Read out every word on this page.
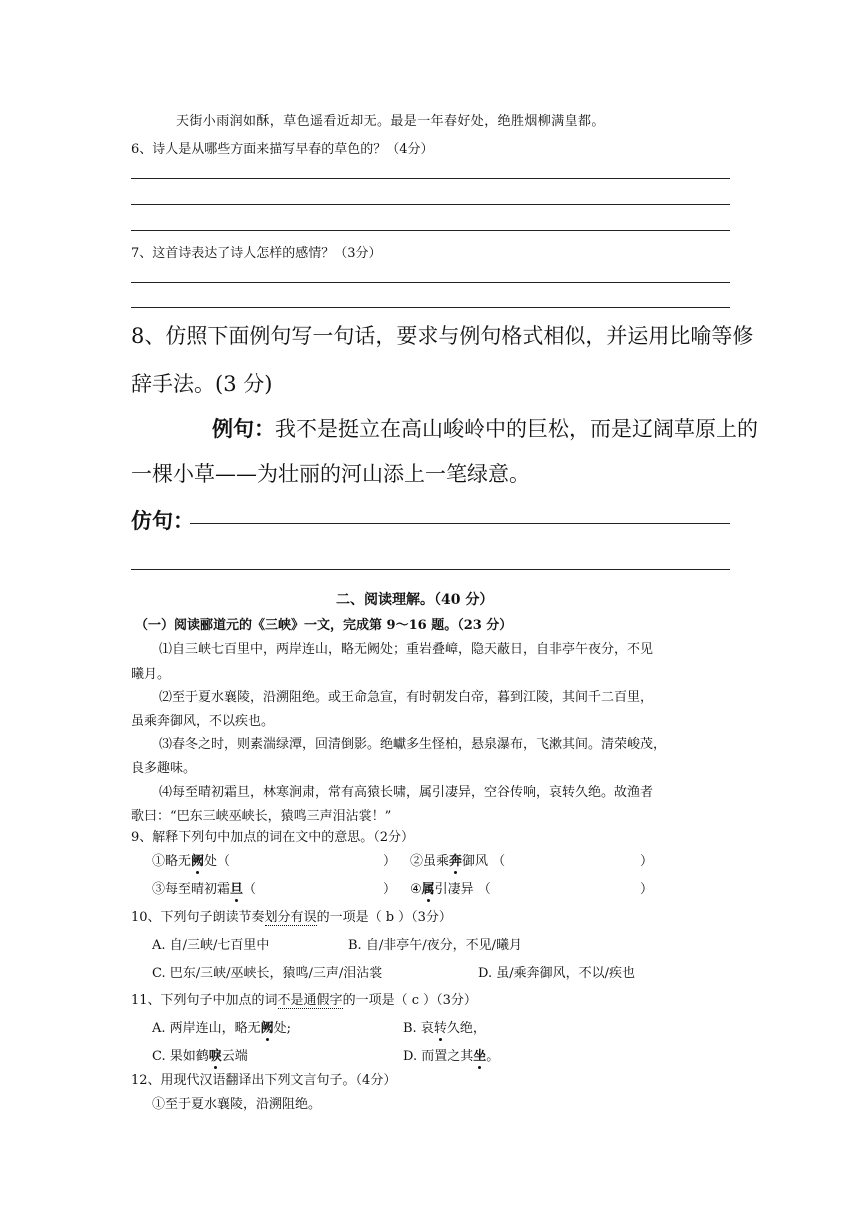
天街小雨润如酥，草色遥看近却无。最是一年春好处，绝胜烟柳满皇都。
6、诗人是从哪些方面来描写早春的草色的？（4分）
7、这首诗表达了诗人怎样的感情？（3分）
8、仿照下面例句写一句话，要求与例句格式相似，并运用比喻等修
辞手法。(3 分)
例句：我不是挺立在高山峻岭中的巨松，而是辽阔草原上的
一棵小草——为壮丽的河山添上一笔绿意。
仿句：
二、阅读理解。（40 分）
（一）阅读郦道元的《三峡》一文，完成第 9～16 题。（23 分）
⑴自三峡七百里中，两岸连山，略无阙处；重岩叠嶂，隐天蔽日，自非亭午夜分，不见
曦月。
⑵至于夏水襄陵，沿溯阻绝。或王命急宣，有时朝发白帝，暮到江陵，其间千二百里，
虽乘奔御风，不以疾也。
⑶春冬之时，则素湍绿潭，回清倒影。绝巘多生怪柏，悬泉瀑布，飞漱其间。清荣峻茂，
良多趣味。
⑷每至晴初霜旦，林寒涧肃，常有高猿长啸，属引凄异，空谷传响，哀转久绝。故渔者
歌曰：“巴东三峡巫峡长，猿鸣三声泪沾裳！”
9、解释下列句中加点的词在文中的意思。（2分）
①略无阙处（	） ②虽乘奔御风 （	）
③每至晴初霜旦（	） ④属引凄异 （	）
10、下列句子朗读节奏划分有误的一项是（ b ）（3分）
A. 自/三峡/七百里中	B. 自/非亭午/夜分，不见/曦月
C. 巴东/三峡/巫峡长，猿鸣/三声/泪沾裳	D. 虽/乘奔御风，不以/疾也
11、下列句子中加点的词不是通假字的一项是（ c ）（3分）
A. 两岸连山，略无阙处;	B. 哀转久绝，
C. 果如鹤唳云端	D. 而置之其坐。
12、用现代汉语翻译出下列文言句子。（4分）
①至于夏水襄陵，沿溯阻绝。
